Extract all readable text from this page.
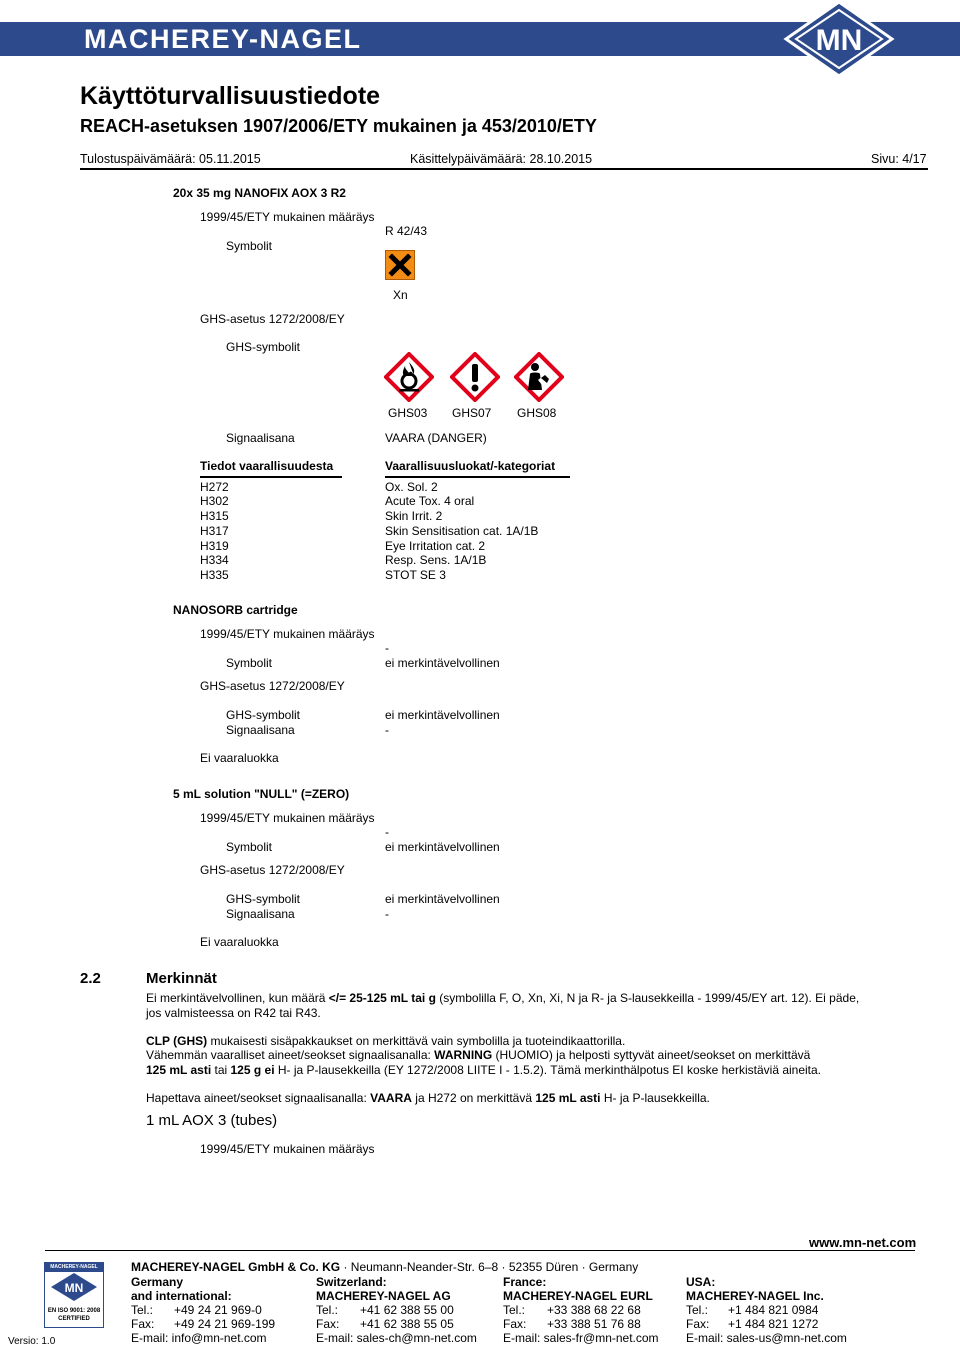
MACHEREY-NAGEL	MN
Käyttöturvallisuustiedote
REACH-asetuksen 1907/2006/ETY mukainen ja 453/2010/ETY
Tulostuspäivämäärä: 05.11.2015	Käsittelypäivämäärä: 28.10.2015	Sivu: 4/17
20x 35 mg NANOFIX AOX 3 R2
1999/45/ETY mukainen määräys
R 42/43
Symbolit
Xn
GHS-asetus 1272/2008/EY
GHS-symbolit
GHS03 GHS07 GHS08
Signaalisana	VAARA (DANGER)
Tiedot vaarallisuudesta	Vaarallisuusluokat/-kategoriat
H272	Ox. Sol. 2
H302	Acute Tox. 4 oral
H315	Skin Irrit. 2
H317	Skin Sensitisation cat. 1A/1B
H319	Eye Irritation cat. 2
H334	Resp. Sens. 1A/1B
H335	STOT SE 3
NANOSORB cartridge
1999/45/ETY mukainen määräys
-
Symbolit	ei merkintävelvollinen
GHS-asetus 1272/2008/EY
GHS-symbolit	ei merkintävelvollinen
Signaalisana	-
Ei vaaraluokka
5 mL solution "NULL" (=ZERO)
1999/45/ETY mukainen määräys
-
Symbolit	ei merkintävelvollinen
GHS-asetus 1272/2008/EY
GHS-symbolit	ei merkintävelvollinen
Signaalisana	-
Ei vaaraluokka
2.2	Merkinnät
Ei merkintävelvollinen, kun määrä </= 25-125 mL tai g (symbolilla F, O, Xn, Xi, N ja R- ja S-lausekkeilla - 1999/45/EY art. 12). Ei päde,
jos valmisteessa on R42 tai R43.
CLP (GHS) mukaisesti sisäpakkaukset on merkittävä vain symbolilla ja tuoteindikaattorilla.
Vähemmän vaaralliset aineet/seokset signaalisanalla: WARNING (HUOMIO) ja helposti syttyvät aineet/seokset on merkittävä
125 mL asti tai 125 g ei H- ja P-lausekkeilla (EY 1272/2008 LIITE I - 1.5.2). Tämä merkinthälpotus EI koske herkistäviä aineita.
Hapettava aineet/seokset signaalisanalla: VAARA ja H272 on merkittävä 125 mL asti H- ja P-lausekkeilla.
1 mL AOX 3 (tubes)
1999/45/ETY mukainen määräys
www.mn-net.com
MACHEREY-NAGEL
MN
EN ISO 9001: 2008
CERTIFIED
Versio: 1.0
MACHEREY-NAGEL GmbH & Co. KG · Neumann-Neander-Str. 6–8 · 52355 Düren · Germany
Germany
and international:
Tel.: +49 24 21 969-0
Fax: +49 24 21 969-199
E-mail: info@mn-net.com
Switzerland:
MACHEREY-NAGEL AG
Tel.: +41 62 388 55 00
Fax: +41 62 388 55 05
E-mail: sales-ch@mn-net.com
France:
MACHEREY-NAGEL EURL
Tel.: +33 388 68 22 68
Fax: +33 388 51 76 88
E-mail: sales-fr@mn-net.com
USA:
MACHEREY-NAGEL Inc.
Tel.: +1 484 821 0984
Fax: +1 484 821 1272
E-mail: sales-us@mn-net.com
